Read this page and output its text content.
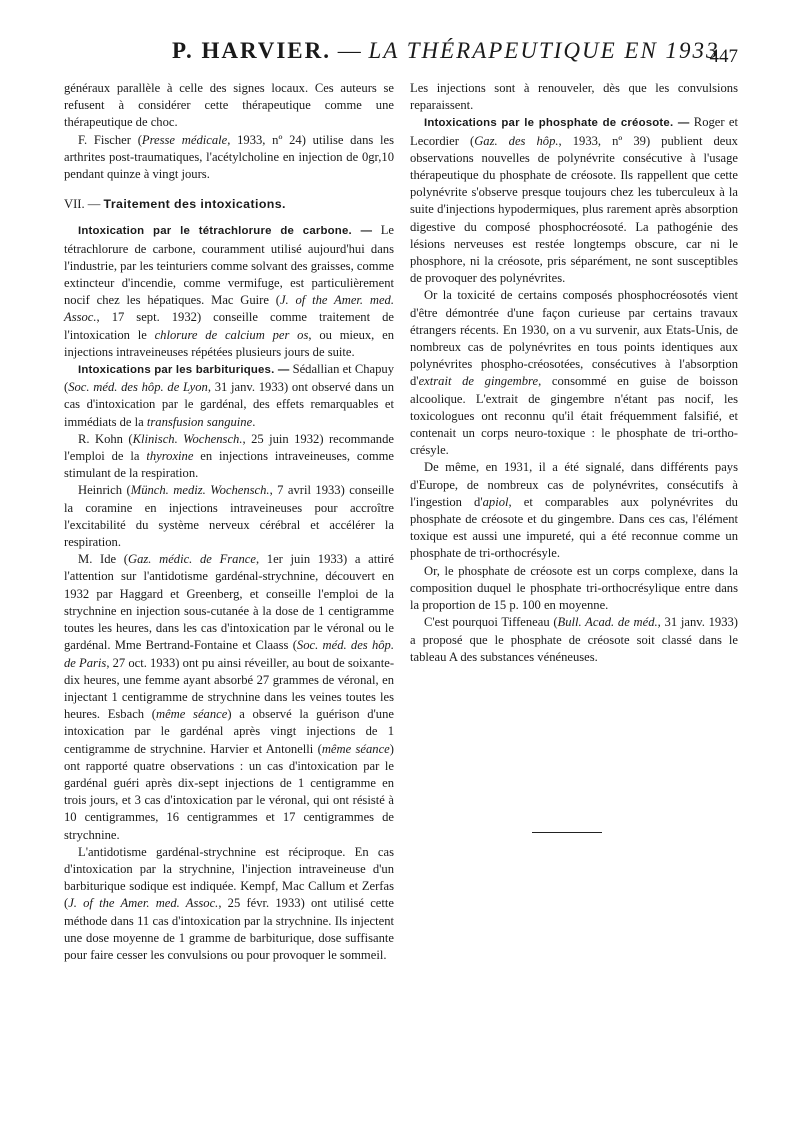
P. HARVIER. — LA THÉRAPEUTIQUE EN 1933
447

généraux parallèle à celle des signes locaux. Ces auteurs se refusent à considérer cette thérapeutique comme une thérapeutique de choc.

F. Fischer (Presse médicale, 1933, nº 24) utilise dans les arthrites post-traumatiques, l'acétylcholine en injection de 0gr,10 pendant quinze à vingt jours.

VII. — Traitement des intoxications.

Intoxication par le tétrachlorure de carbone. — Le tétrachlorure de carbone, couramment utilisé aujourd'hui dans l'industrie, par les teinturiers comme solvant des graisses, comme extincteur d'incendie, comme vermifuge, est particulièrement nocif chez les hépatiques. Mac Guire (J. of the Amer. med. Assoc., 17 sept. 1932) conseille comme traitement de l'intoxication le chlorure de calcium per os, ou mieux, en injections intraveineuses répétées plusieurs jours de suite.

Intoxications par les barbituriques. — Sédallian et Chapuy (Soc. méd. des hôp. de Lyon, 31 janv. 1933) ont observé dans un cas d'intoxication par le gardénal, des effets remarquables et immédiats de la transfusion sanguine.

R. Kohn (Klinisch. Wochensch., 25 juin 1932) recommande l'emploi de la thyroxine en injections intraveineuses, comme stimulant de la respiration.

Heinrich (Münch. mediz. Wochensch., 7 avril 1933) conseille la coramine en injections intraveineuses pour accroître l'excitabilité du système nerveux cérébral et accélérer la respiration.

M. Ide (Gaz. médic. de France, 1er juin 1933) a attiré l'attention sur l'antidotisme gardénal-strychnine, découvert en 1932 par Haggard et Greenberg, et conseille l'emploi de la strychnine en injection sous-cutanée à la dose de 1 centigramme toutes les heures, dans les cas d'intoxication par le véronal ou le gardénal. Mme Bertrand-Fontaine et Claass (Soc. méd. des hôp. de Paris, 27 oct. 1933) ont pu ainsi réveiller, au bout de soixante-dix heures, une femme ayant absorbé 27 grammes de véronal, en injectant 1 centigramme de strychnine dans les veines toutes les heures. Esbach (même séance) a observé la guérison d'une intoxication par le gardénal après vingt injections de 1 centigramme de strychnine. Harvier et Antonelli (même séance) ont rapporté quatre observations : un cas d'intoxication par le gardénal guéri après dix-sept injections de 1 centigramme en trois jours, et 3 cas d'intoxication par le véronal, qui ont résisté à 10 centigrammes, 16 centigrammes et 17 centigrammes de strychnine.

L'antidotisme gardénal-strychnine est réciproque. En cas d'intoxication par la strychnine, l'injection intraveineuse d'un barbiturique sodique est indiquée. Kempf, Mac Callum et Zerfas (J. of the Amer. med. Assoc., 25 févr. 1933) ont utilisé cette méthode dans 11 cas d'intoxication par la strychnine. Ils injectent une dose moyenne de 1 gramme de barbiturique, dose suffisante pour faire cesser les convulsions ou pour provoquer le sommeil.

Les injections sont à renouveler, dès que les convulsions reparaissent.

Intoxications par le phosphate de créosote. — Roger et Lecordier (Gaz. des hôp., 1933, nº 39) publient deux observations nouvelles de polynévrite consécutive à l'usage thérapeutique du phosphate de créosote. Ils rappellent que cette polynévrite s'observe presque toujours chez les tuberculeux à la suite d'injections hypodermiques, plus rarement après absorption digestive du composé phosphocréosoté. La pathogénie des lésions nerveuses est restée longtemps obscure, car ni le phosphore, ni la créosote, pris séparément, ne sont susceptibles de provoquer des polynévrites.

Or la toxicité de certains composés phosphocréosotés vient d'être démontrée d'une façon curieuse par certains travaux étrangers récents. En 1930, on a vu survenir, aux Etats-Unis, de nombreux cas de polynévrites en tous points identiques aux polynévrites phospho-créosotées, consécutives à l'absorption d'extrait de gingembre, consommé en guise de boisson alcoolique. L'extrait de gingembre n'étant pas nocif, les toxicologues ont reconnu qu'il était fréquemment falsifié, et contenait un corps neuro-toxique : le phosphate de tri-ortho-crésyle.

De même, en 1931, il a été signalé, dans différents pays d'Europe, de nombreux cas de polynévrites, consécutifs à l'ingestion d'apiol, et comparables aux polynévrites du phosphate de créosote et du gingembre. Dans ces cas, l'élément toxique est aussi une impureté, qui a été reconnue comme un phosphate de tri-orthocrésyle.

Or, le phosphate de créosote est un corps complexe, dans la composition duquel le phosphate tri-orthocrésylique entre dans la proportion de 15 p. 100 en moyenne.

C'est pourquoi Tiffeneau (Bull. Acad. de méd., 31 janv. 1933) a proposé que le phosphate de créosote soit classé dans le tableau A des substances vénéneuses.
